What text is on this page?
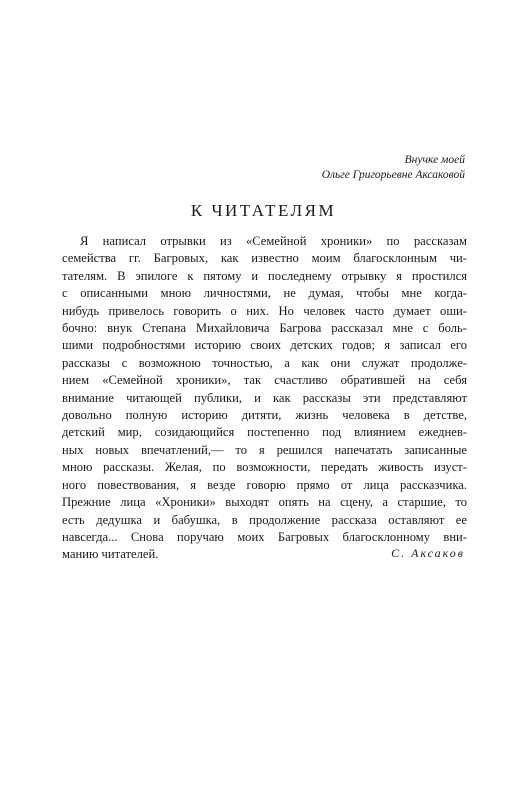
Внучке моей
Ольге Григорьевне Аксаковой
К ЧИТАТЕЛЯМ
Я написал отрывки из «Семейной хроники» по рассказам
семейства гг. Багровых, как известно моим благосклонным чи-
тателям. В эпилоге к пятому и последнему отрывку я простился
с описанными мною личностями, не думая, чтобы мне когда-
нибудь привелось говорить о них. Но человек часто думает оши-
бочно: внук Степана Михайловича Багрова рассказал мне с боль-
шими подробностями историю своих детских годов; я записал его
рассказы с возможною точностью, а как они служат продолже-
нием «Семейной хроники», так счастливо обратившей на себя
внимание читающей публики, и как рассказы эти представляют
довольно полную историю дитяти, жизнь человека в детстве,
детский мир, созидающийся постепенно под влиянием ежеднев-
ных новых впечатлений,— то я решился напечатать записанные
мною рассказы. Желая, по возможности, передать живость изуст-
ного повествования, я везде говорю прямо от лица рассказчика.
Прежние лица «Хроники» выходят опять на сцену, а старшие, то
есть дедушка и бабушка, в продолжение рассказа оставляют ее
навсегда... Снова поручаю моих Багровых благосклонному вни-
манию читателей.	С. Аксаков
